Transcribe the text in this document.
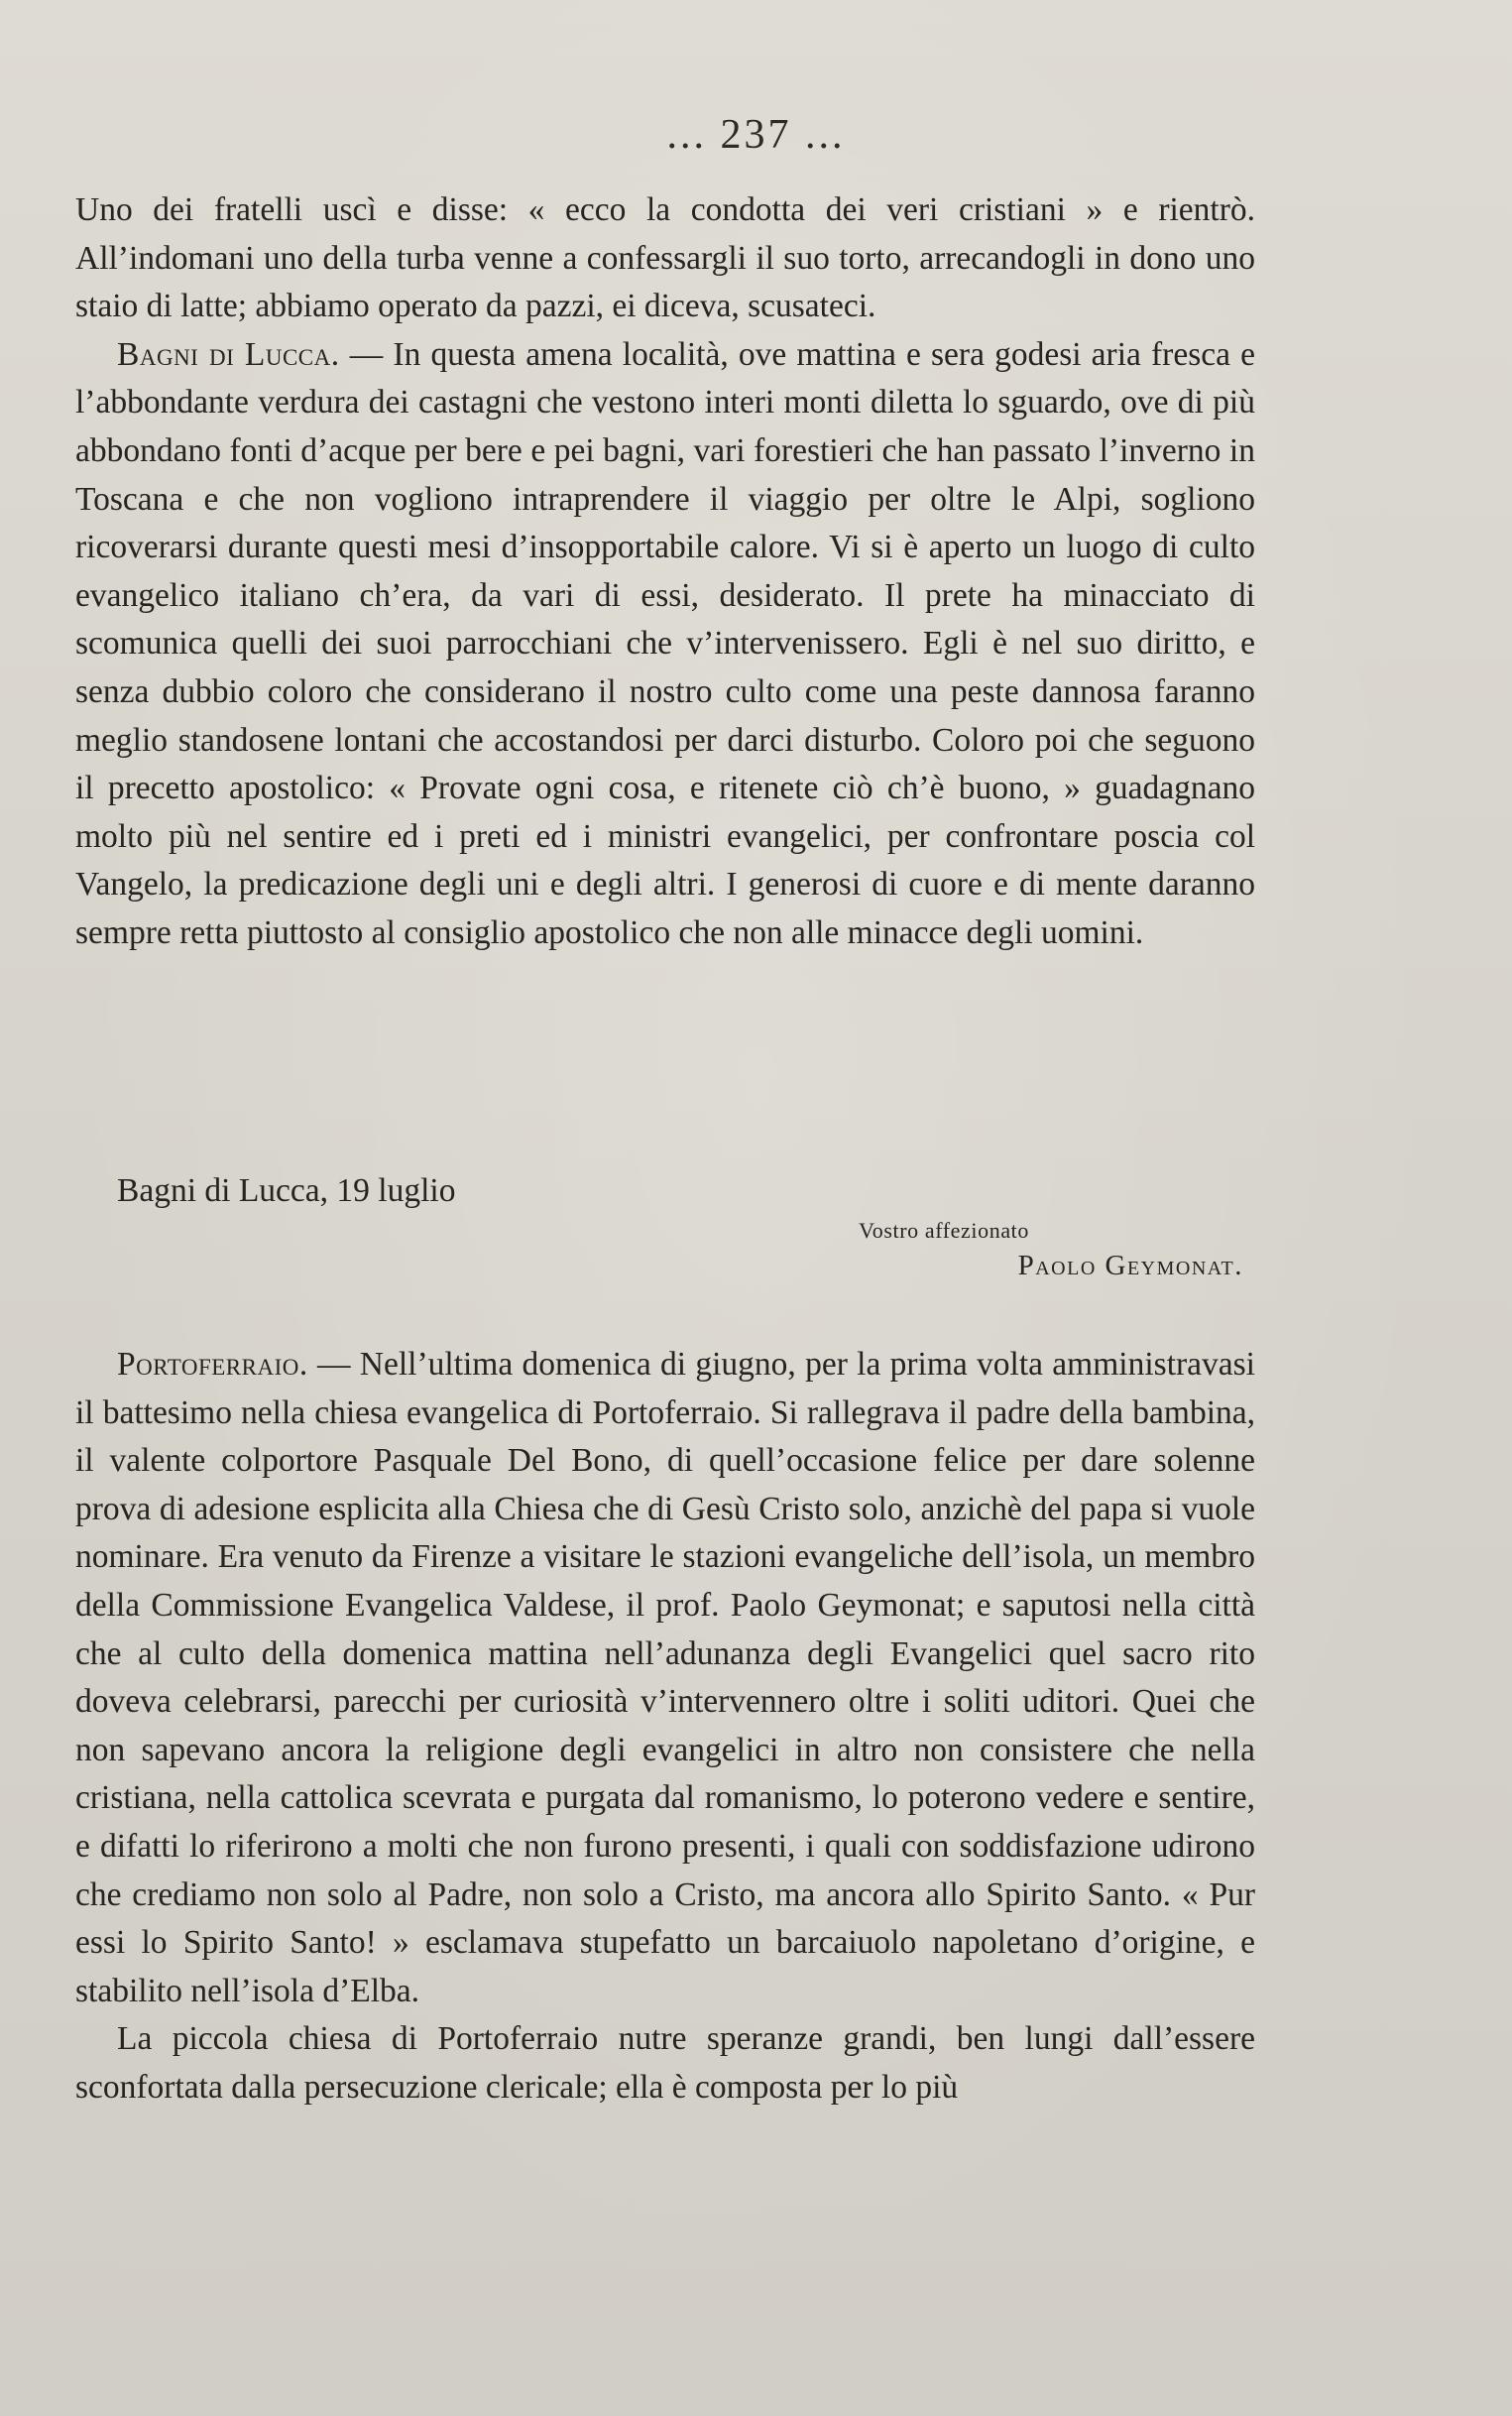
... 237 ...

Uno dei fratelli uscì e disse: « ecco la condotta dei veri cristiani » e rientrò. All’indomani uno della turba venne a confessargli il suo torto, arrecandogli in dono uno staio di latte; abbiamo operato da pazzi, ei diceva, scusateci.

Bagni di Lucca. — In questa amena località, ove mattina e sera godesi aria fresca e l’abbondante verdura dei castagni che vestono interi monti diletta lo sguardo, ove di più abbondano fonti d’acque per bere e pei bagni, vari forestieri che han passato l’inverno in Toscana e che non vogliono intraprendere il viaggio per oltre le Alpi, sogliono ricoverarsi durante questi mesi d’insopportabile calore. Vi si è aperto un luogo di culto evangelico italiano ch’era, da vari di essi, desiderato. Il prete ha minacciato di scomunica quelli dei suoi parrocchiani che v’intervenissero. Egli è nel suo diritto, e senza dubbio coloro che considerano il nostro culto come una peste dannosa faranno meglio standosene lontani che accostandosi per darci disturbo. Coloro poi che seguono il precetto apostolico: « Provate ogni cosa, e ritenete ciò ch’è buono, » guadagnano molto più nel sentire ed i preti ed i ministri evangelici, per confrontare poscia col Vangelo, la predicazione degli uni e degli altri. I generosi di cuore e di mente daranno sempre retta piuttosto al consiglio apostolico che non alle minacce degli uomini.

Bagni di Lucca, 19 luglio

Vostro affezionato

Paolo Geymonat.

Portoferraio. — Nell’ultima domenica di giugno, per la prima volta amministravasi il battesimo nella chiesa evangelica di Portoferraio. Si rallegrava il padre della bambina, il valente colportore Pasquale Del Bono, di quell’occasione felice per dare solenne prova di adesione esplicita alla Chiesa che di Gesù Cristo solo, anzichè del papa si vuole nominare. Era venuto da Firenze a visitare le stazioni evangeliche dell’isola, un membro della Commissione Evangelica Valdese, il prof. Paolo Geymonat; e saputosi nella città che al culto della domenica mattina nell’adunanza degli Evangelici quel sacro rito doveva celebrarsi, parecchi per curiosità v’intervennero oltre i soliti uditori. Quei che non sapevano ancora la religione degli evangelici in altro non consistere che nella cristiana, nella cattolica scevrata e purgata dal romanismo, lo poterono vedere e sentire, e difatti lo riferirono a molti che non furono presenti, i quali con soddisfazione udirono che crediamo non solo al Padre, non solo a Cristo, ma ancora allo Spirito Santo. « Pur essi lo Spirito Santo! » esclamava stupefatto un barcaiuolo napoletano d’origine, e stabilito nell’isola d’Elba.

La piccola chiesa di Portoferraio nutre speranze grandi, ben lungi dall’essere sconfortata dalla persecuzione clericale; ella è composta per lo più
